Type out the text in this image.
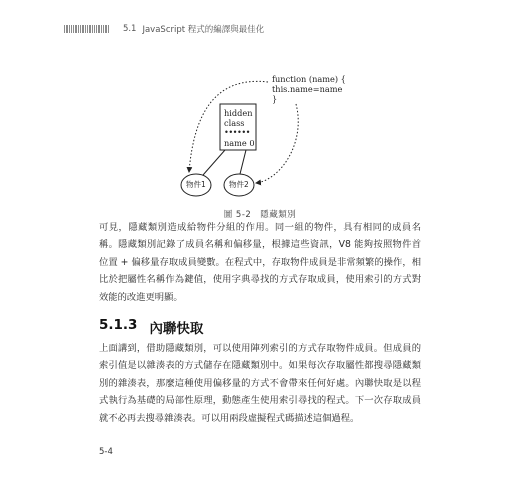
5.1 JavaScript 程式的編譯與最佳化
function (name) {
this.name=name
}
hidden
class
••••••
name 0
物件1	物件2
圖 5-2　隱藏類別

可見，隱藏類別造成給物件分組的作用。同一組的物件，具有相同的成員名稱。隱藏類別記錄了成員名稱和偏移量，根據這些資訊，V8 能夠按照物件首位置 + 偏移量存取成員變數。在程式中，存取物件成員是非常頻繁的操作，相比於把屬性名稱作為鍵值，使用字典尋找的方式存取成員，使用索引的方式對效能的改進更明顯。

5.1.3 內聯快取

上面講到，借助隱藏類別，可以使用陣列索引的方式存取物件成員。但成員的索引值是以雜湊表的方式儲存在隱藏類別中。如果每次存取屬性都搜尋隱藏類別的雜湊表，那麼這種使用偏移量的方式不會帶來任何好處。內聯快取是以程式執行為基礎的局部性原理，動態產生使用索引尋找的程式。下一次存取成員就不必再去搜尋雜湊表。可以用兩段虛擬程式碼描述這個過程。

5-4
